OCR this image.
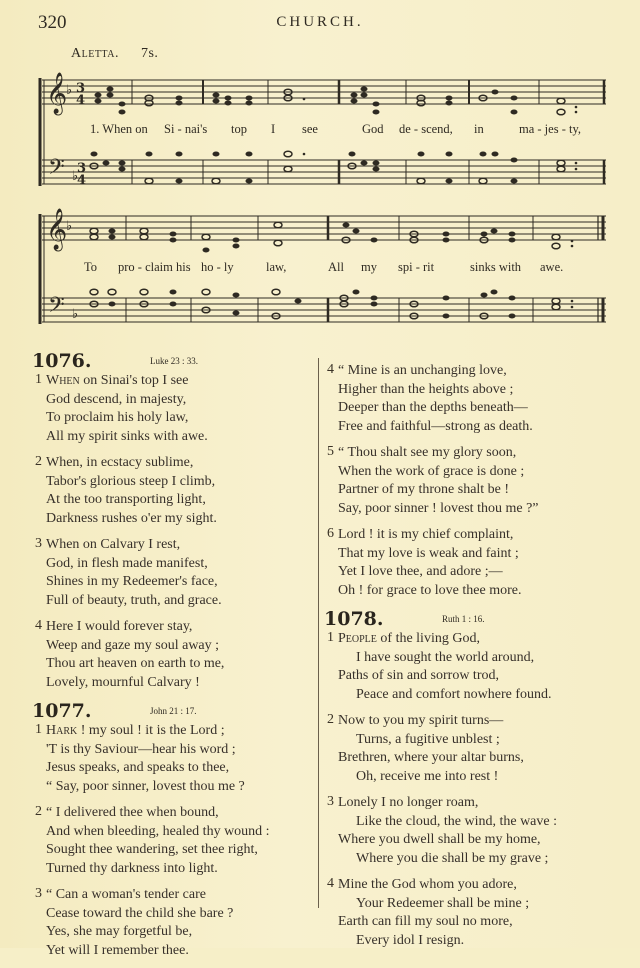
320	CHURCH.
Aletta. 7s.
𝄞
𝄢
♭
♭
3
4
3
4
1. When on Si - nai's top I see	God de - scend, in	ma - jes - ty,
𝄞
𝄢
♭
♭
To pro - claim his ho - ly	law,	All my spi - rit	sinks with awe.
1076.	Luke 23 : 33.
1 When on Sinai's top I see
God descend, in majesty,
To proclaim his holy law,
All my spirit sinks with awe.
2 When, in ecstacy sublime,
Tabor's glorious steep I climb,
At the too transporting light,
Darkness rushes o'er my sight.
3 When on Calvary I rest,
God, in flesh made manifest,
Shines in my Redeemer's face,
Full of beauty, truth, and grace.
4 Here I would forever stay,
Weep and gaze my soul away ;
Thou art heaven on earth to me,
Lovely, mournful Calvary !
1077.	John 21 : 17.
1 Hark ! my soul ! it is the Lord ;
'T is thy Saviour—hear his word ;
Jesus speaks, and speaks to thee,
“ Say, poor sinner, lovest thou me ?
2 “ I delivered thee when bound,
And when bleeding, healed thy wound :
Sought thee wandering, set thee right,
Turned thy darkness into light.
3 “ Can a woman's tender care
Cease toward the child she bare ?
Yes, she may forgetful be,
Yet will I remember thee.
4 “ Mine is an unchanging love,
Higher than the heights above ;
Deeper than the depths beneath—
Free and faithful—strong as death.
5 “ Thou shalt see my glory soon,
When the work of grace is done ;
Partner of my throne shalt be !
Say, poor sinner ! lovest thou me ?”
6 Lord ! it is my chief complaint,
That my love is weak and faint ;
Yet I love thee, and adore ;—
Oh ! for grace to love thee more.
1078.	Ruth 1 : 16.
1 People of the living God,
I have sought the world around,
Paths of sin and sorrow trod,
Peace and comfort nowhere found.
2 Now to you my spirit turns—
Turns, a fugitive unblest ;
Brethren, where your altar burns,
Oh, receive me into rest !
3 Lonely I no longer roam,
Like the cloud, the wind, the wave :
Where you dwell shall be my home,
Where you die shall be my grave ;
4 Mine the God whom you adore,
Your Redeemer shall be mine ;
Earth can fill my soul no more,
Every idol I resign.
